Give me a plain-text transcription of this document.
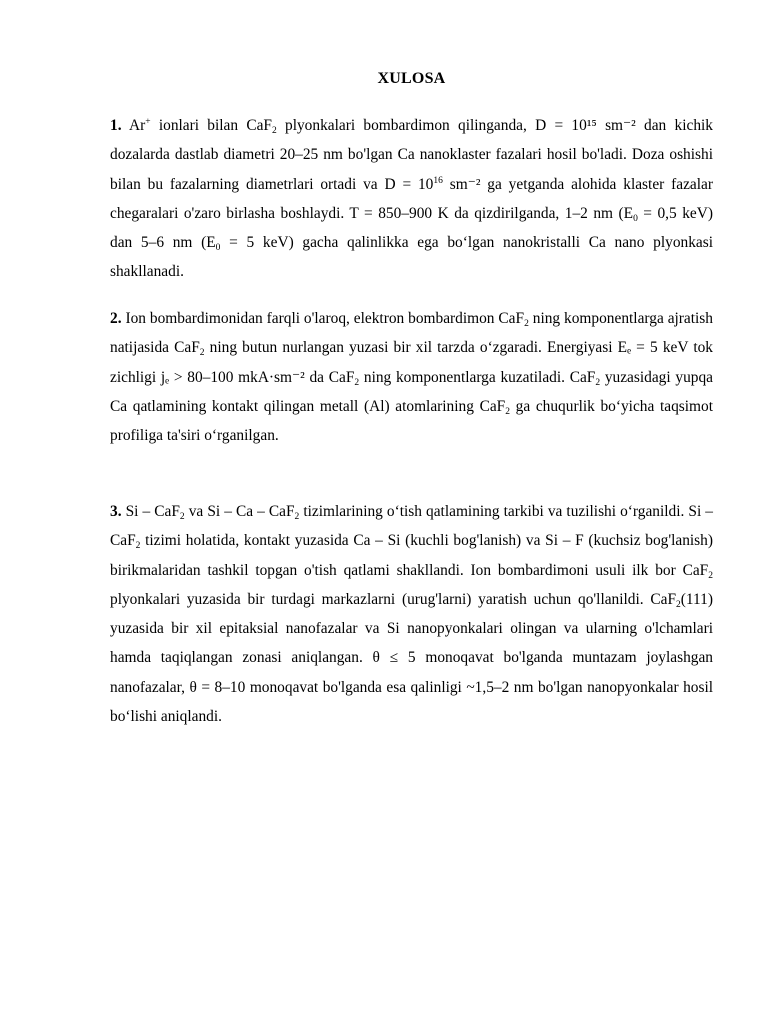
XULOSA

1. Ar+ ionlari bilan CaF$_2$ plyonkalari bombardimon qilinganda, D = 10¹⁵ sm⁻² dan kichik dozalarda dastlab diametri 20–25 nm bo'lgan Ca nanoklaster fazalari hosil bo'ladi. Doza oshishi bilan bu fazalarning diametrlari ortadi va $D = 10^{16}$ sm⁻² ga yetganda alohida klaster fazalar chegaralari o'zaro birlasha boshlaydi. T = 850–900 K da qizdirilganda, 1–2 nm ($E_0 = 0,5$ keV) dan 5–6 nm ($E_0 = 5$ keV) gacha qalinlikka ega boʻlgan nanokristalli Ca nano plyonkasi shakllanadi.

2. Ion bombardimonidan farqli o'laroq, elektron bombardimon CaF$_2$ ning komponentlarga ajratish natijasida CaF$_2$ ning butun nurlangan yuzasi bir xil tarzda oʻzgaradi. Energiyasi Eₑ = 5 keV tok zichligi jₑ > 80–100 mkA·sm⁻² da CaF$_2$ ning komponentlarga kuzatiladi. CaF$_2$ yuzasidagi yupqa Ca qatlamining kontakt qilingan metall (Al) atomlarining CaF$_2$ ga chuqurlik boʻyicha taqsimot profiliga ta'siri oʻrganilgan.

3. Si – CaF$_2$ va Si – Ca – CaF$_2$ tizimlarining oʻtish qatlamining tarkibi va tuzilishi oʻrganildi. Si – CaF$_2$ tizimi holatida, kontakt yuzasida Ca – Si (kuchli bog'lanish) va Si – F (kuchsiz bog'lanish) birikmalaridan tashkil topgan o'tish qatlami shakllandi. Ion bombardimoni usuli ilk bor CaF$_2$ plyonkalari yuzasida bir turdagi markazlarni (urug'larni) yaratish uchun qo'llanildi. CaF$_2$(111) yuzasida bir xil epitaksial nanofazalar va Si nanopyonkalari olingan va ularning o'lchamlari hamda taqiqlangan zonasi aniqlangan. θ ≤ 5 monoqavat bo'lganda muntazam joylashgan nanofazalar, θ = 8–10 monoqavat bo'lganda esa qalinligi ~1,5–2 nm bo'lgan nanopyonkalar hosil boʻlishi aniqlandi.
